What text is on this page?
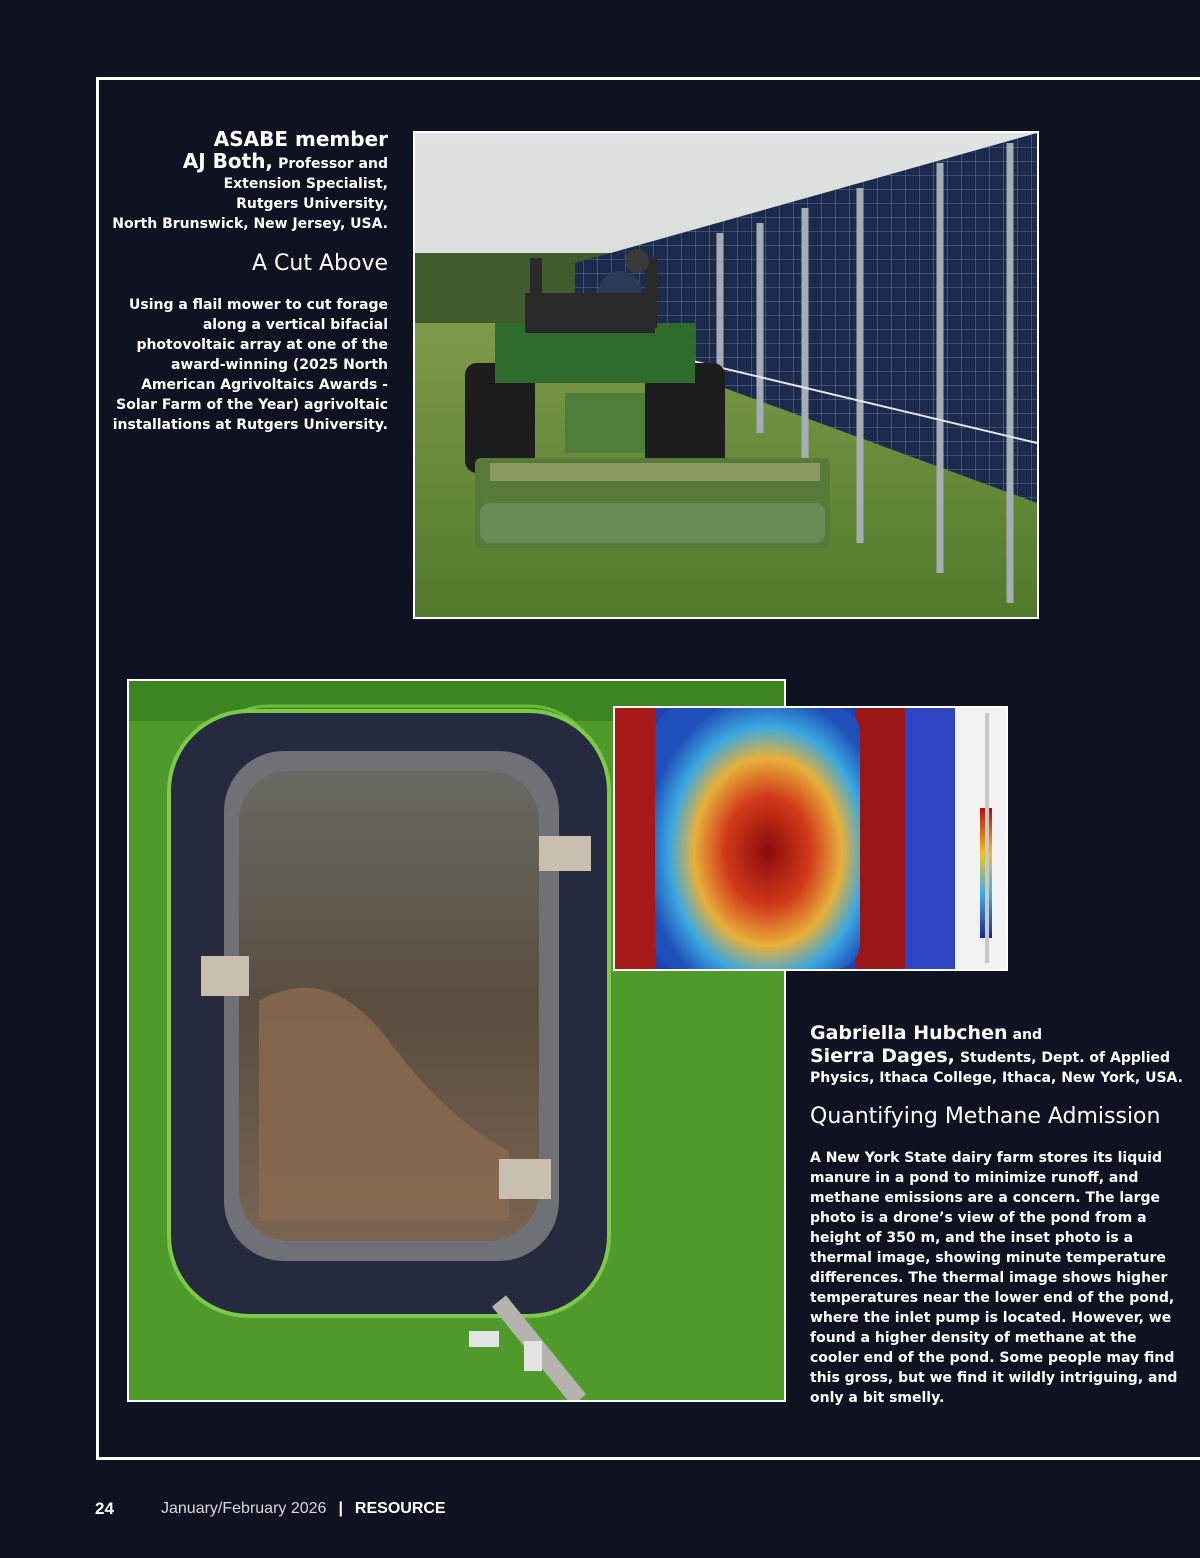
ASABE member
AJ Both, Professor and
Extension Specialist,
Rutgers University,
North Brunswick, New Jersey, USA.
A Cut Above
Using a flail mower to cut forage along a vertical bifacial photovoltaic array at one of the award-winning (2025 North American Agrivoltaics Awards - Solar Farm of the Year) agrivoltaic installations at Rutgers University.
Gabriella Hubchen and
Sierra Dages, Students, Dept. of Applied
Physics, Ithaca College, Ithaca, New York, USA.
Quantifying Methane Admission
A New York State dairy farm stores its liquid manure in a pond to minimize runoff, and methane emissions are a concern. The large photo is a drone’s view of the pond from a height of 350 m, and the inset photo is a thermal image, showing minute temperature differences. The thermal image shows higher temperatures near the lower end of the pond, where the inlet pump is located. However, we found a higher density of methane at the cooler end of the pond. Some people may find this gross, but we find it wildly intriguing, and only a bit smelly.
24	January/February 2026 | RESOURCE
